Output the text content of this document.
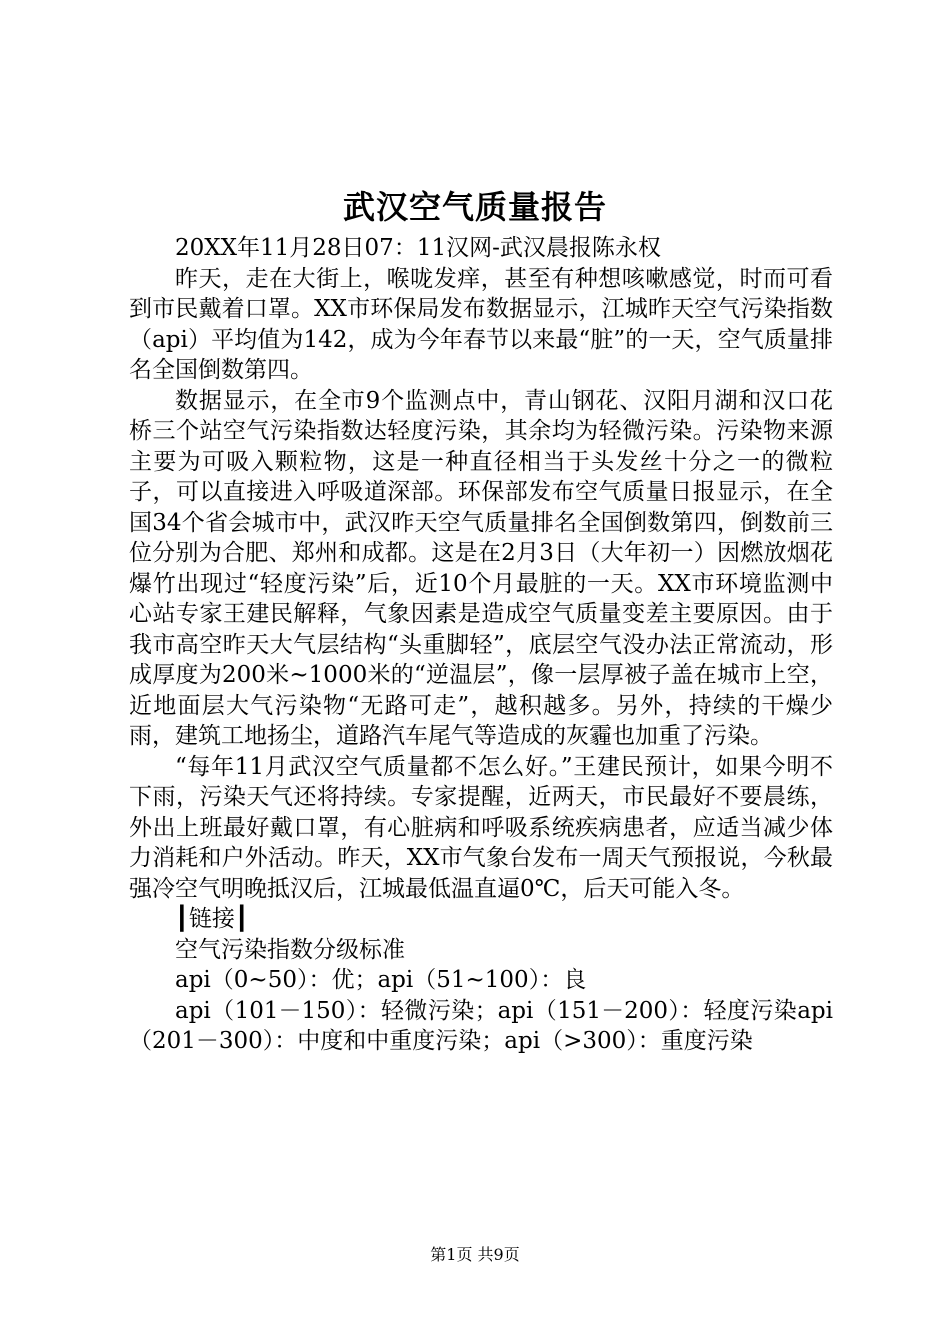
武汉空气质量报告

20XX年11月28日07：11汉网-武汉晨报陈永权

昨天，走在大街上，喉咙发痒，甚至有种想咳嗽感觉，时而可看到市民戴着口罩。XX市环保局发布数据显示，江城昨天空气污染指数（api）平均值为142，成为今年春节以来最“脏”的一天，空气质量排名全国倒数第四。

数据显示，在全市9个监测点中，青山钢花、汉阳月湖和汉口花桥三个站空气污染指数达轻度污染，其余均为轻微污染。污染物来源主要为可吸入颗粒物，这是一种直径相当于头发丝十分之一的微粒子，可以直接进入呼吸道深部。环保部发布空气质量日报显示，在全国34个省会城市中，武汉昨天空气质量排名全国倒数第四，倒数前三位分别为合肥、郑州和成都。这是在2月3日（大年初一）因燃放烟花爆竹出现过“轻度污染”后，近10个月最脏的一天。XX市环境监测中心站专家王建民解释，气象因素是造成空气质量变差主要原因。由于我市高空昨天大气层结构“头重脚轻”，底层空气没办法正常流动，形成厚度为200米~1000米的“逆温层”，像一层厚被子盖在城市上空，近地面层大气污染物“无路可走”，越积越多。另外，持续的干燥少雨，建筑工地扬尘，道路汽车尾气等造成的灰霾也加重了污染。

“每年11月武汉空气质量都不怎么好。”王建民预计，如果今明不下雨，污染天气还将持续。专家提醒，近两天，市民最好不要晨练，外出上班最好戴口罩，有心脏病和呼吸系统疾病患者，应适当减少体力消耗和户外活动。昨天，XX市气象台发布一周天气预报说，今秋最强冷空气明晚抵汉后，江城最低温直逼0℃，后天可能入冬。

┃链接┃

空气污染指数分级标准

api（0~50）：优；api（51~100）：良

api（101－150）：轻微污染；api（151－200）：轻度污染api（201－300）：中度和中重度污染；api（>300）：重度污染

第1页 共9页
